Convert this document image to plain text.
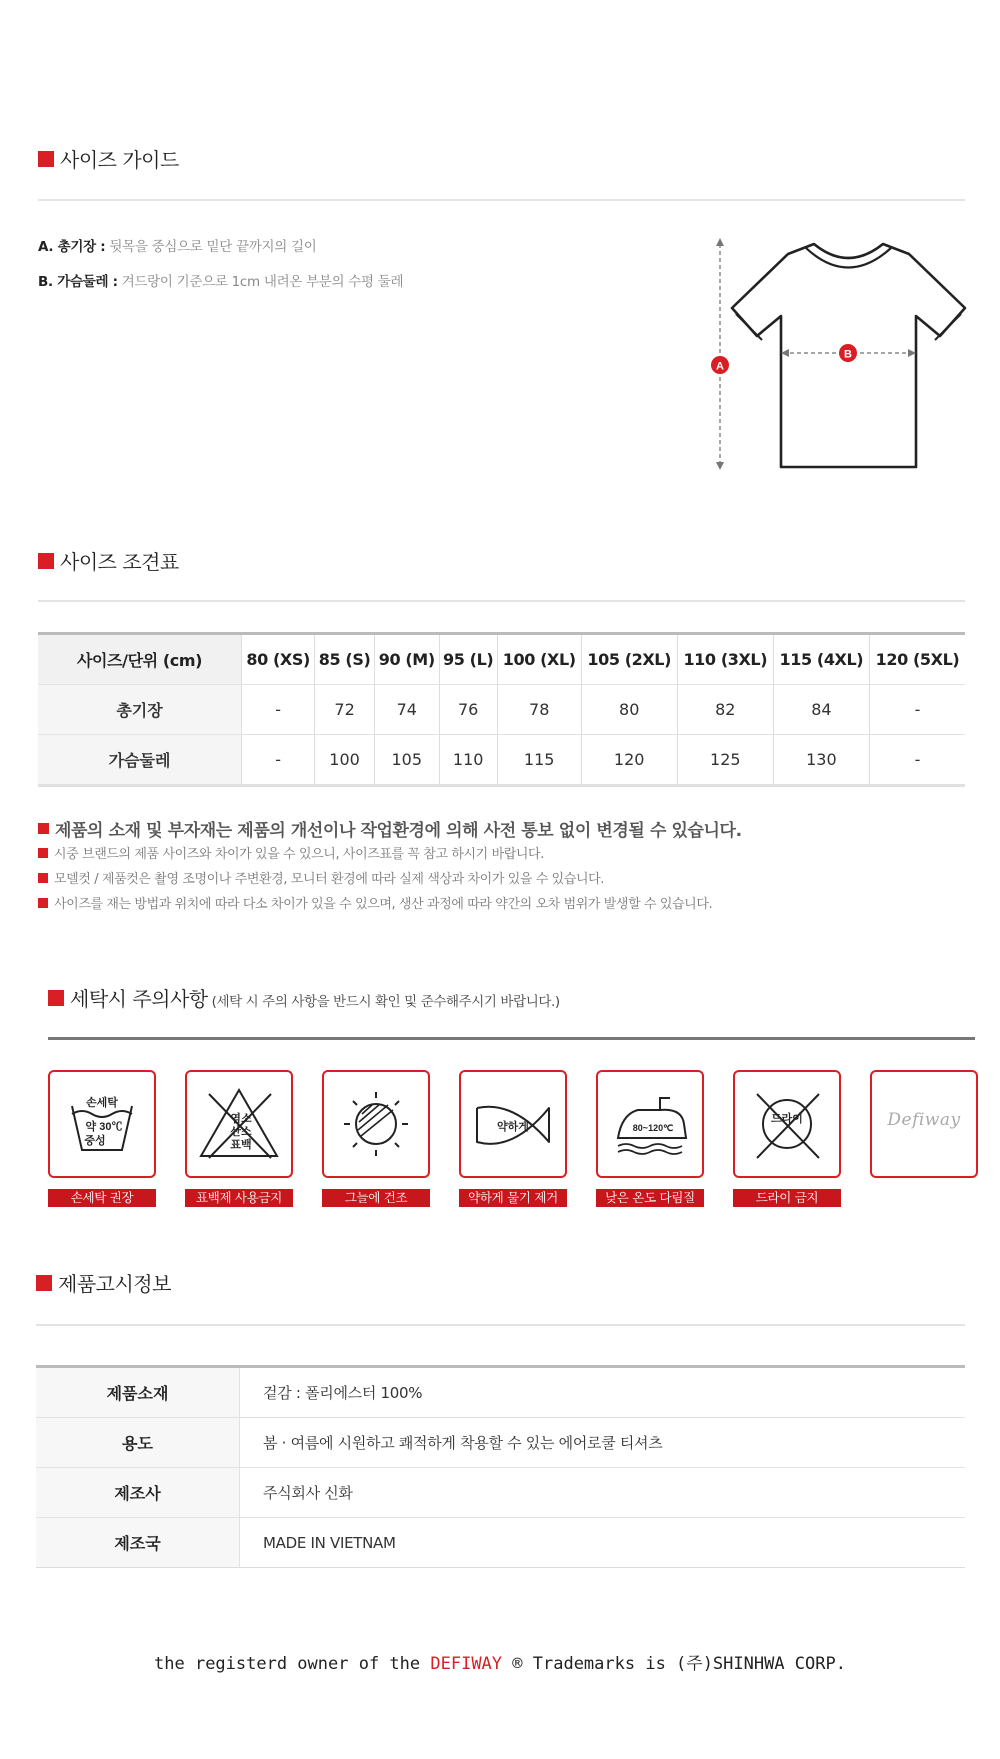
사이즈 가이드
A. 총기장 : 뒷목을 중심으로 밑단 끝까지의 길이
B. 가슴둘레 : 겨드랑이 기준으로 1cm 내려온 부분의 수평 둘레
A
B
사이즈 조견표
사이즈/단위 (cm)	80 (XS)	85 (S)	90 (M)	95 (L)	100 (XL)	105 (2XL)	110 (3XL)	115 (4XL)	120 (5XL)
총기장	-	72	74	76	78	80	82	84	-
가슴둘레	-	100	105	110	115	120	125	130	-
제품의 소재 및 부자재는 제품의 개선이나 작업환경에 의해 사전 통보 없이 변경될 수 있습니다.
시중 브랜드의 제품 사이즈와 차이가 있을 수 있으니, 사이즈표를 꼭 참고 하시기 바랍니다.
모델컷 / 제품컷은 촬영 조명이나 주변환경, 모니터 환경에 따라 실제 색상과 차이가 있을 수 있습니다.
사이즈를 재는 방법과 위치에 따라 다소 차이가 있을 수 있으며, 생산 과정에 따라 약간의 오차 범위가 발생할 수 있습니다.
세탁시 주의사항 (세탁 시 주의 사항을 반드시 확인 및 준수해주시기 바랍니다.)
손세탁
약 30℃
중성
손세탁 권장
염소
산소
표백
표백제 사용금지	그늘에 건조
약하게
약하게 물기 제거
80~120℃
낮은 온도 다림질
드라이
드라이 금지
Defiway
제품고시정보
제품소재	겉감 : 폴리에스터 100%
용도	봄 · 여름에 시원하고 쾌적하게 착용할 수 있는 에어로쿨 티셔츠
제조사	주식회사 신화
제조국	MADE IN VIETNAM
the registerd owner of the DEFIWAY ® Trademarks is (주)SHINHWA CORP.
